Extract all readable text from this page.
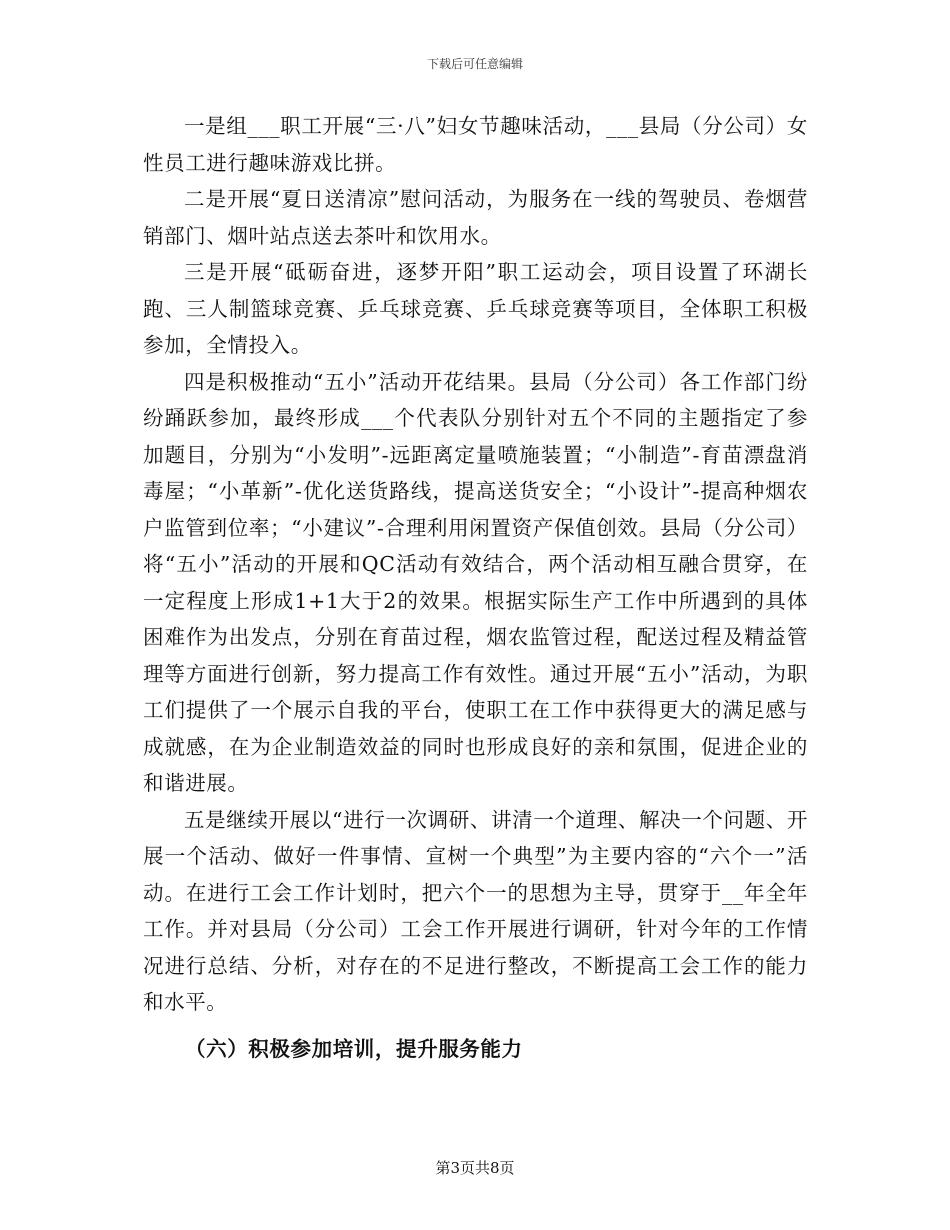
下载后可任意编辑

一是组___职工开展“三·八”妇女节趣味活动，___县局（分公司）女性员工进行趣味游戏比拼。

二是开展“夏日送清凉”慰问活动，为服务在一线的驾驶员、卷烟营销部门、烟叶站点送去茶叶和饮用水。

三是开展“砥砺奋进，逐梦开阳”职工运动会，项目设置了环湖长跑、三人制篮球竞赛、乒乓球竞赛、乒乓球竞赛等项目，全体职工积极参加，全情投入。

四是积极推动“五小”活动开花结果。县局（分公司）各工作部门纷纷踊跃参加，最终形成___个代表队分别针对五个不同的主题指定了参加题目，分别为“小发明”-远距离定量喷施装置；“小制造”-育苗漂盘消毒屋；“小革新”-优化送货路线，提高送货安全；“小设计”-提高种烟农户监管到位率；“小建议”-合理利用闲置资产保值创效。县局（分公司）将“五小”活动的开展和QC活动有效结合，两个活动相互融合贯穿，在一定程度上形成1+1大于2的效果。根据实际生产工作中所遇到的具体困难作为出发点，分别在育苗过程，烟农监管过程，配送过程及精益管理等方面进行创新，努力提高工作有效性。通过开展“五小”活动，为职工们提供了一个展示自我的平台，使职工在工作中获得更大的满足感与成就感，在为企业制造效益的同时也形成良好的亲和氛围，促进企业的和谐进展。

五是继续开展以“进行一次调研、讲清一个道理、解决一个问题、开展一个活动、做好一件事情、宣树一个典型”为主要内容的“六个一”活动。在进行工会工作计划时，把六个一的思想为主导，贯穿于__年全年工作。并对县局（分公司）工会工作开展进行调研，针对今年的工作情况进行总结、分析，对存在的不足进行整改，不断提高工会工作的能力和水平。

（六）积极参加培训，提升服务能力

第3页共8页
